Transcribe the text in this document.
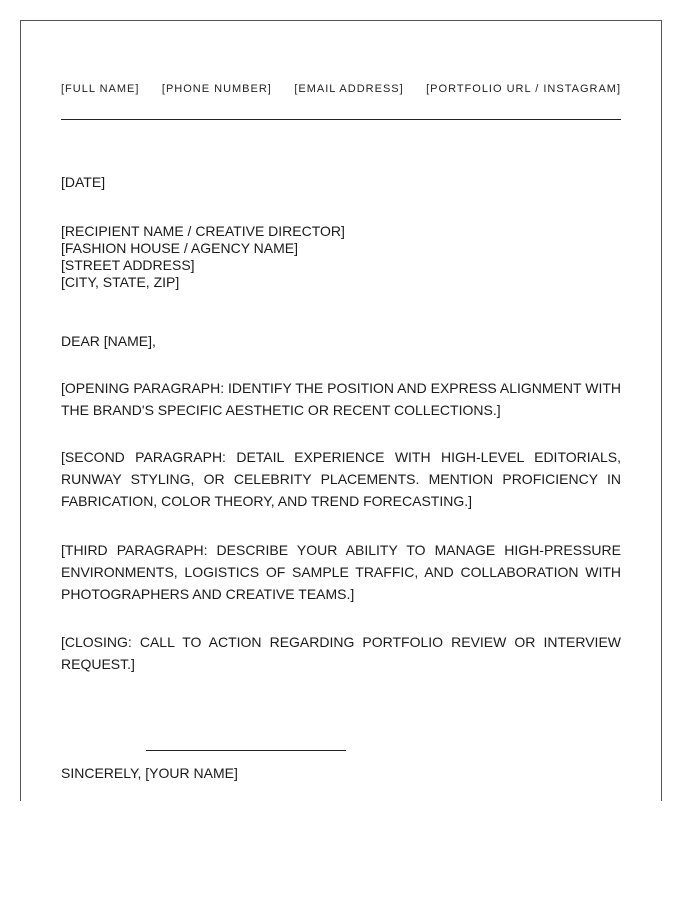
[FULL NAME] [PHONE NUMBER] [EMAIL ADDRESS] [PORTFOLIO URL / INSTAGRAM]
[DATE]
[RECIPIENT NAME / CREATIVE DIRECTOR]
[FASHION HOUSE / AGENCY NAME]
[STREET ADDRESS]
[CITY, STATE, ZIP]
DEAR [NAME],
[OPENING PARAGRAPH: IDENTIFY THE POSITION AND EXPRESS ALIGNMENT WITH THE BRAND'S SPECIFIC AESTHETIC OR RECENT COLLECTIONS.]
[SECOND PARAGRAPH: DETAIL EXPERIENCE WITH HIGH-LEVEL EDITORIALS, RUNWAY STYLING, OR CELEBRITY PLACEMENTS. MENTION PROFICIENCY IN FABRICATION, COLOR THEORY, AND TREND FORECASTING.]
[THIRD PARAGRAPH: DESCRIBE YOUR ABILITY TO MANAGE HIGH-PRESSURE ENVIRONMENTS, LOGISTICS OF SAMPLE TRAFFIC, AND COLLABORATION WITH PHOTOGRAPHERS AND CREATIVE TEAMS.]
[CLOSING: CALL TO ACTION REGARDING PORTFOLIO REVIEW OR INTERVIEW REQUEST.]
SINCERELY, [YOUR NAME]
